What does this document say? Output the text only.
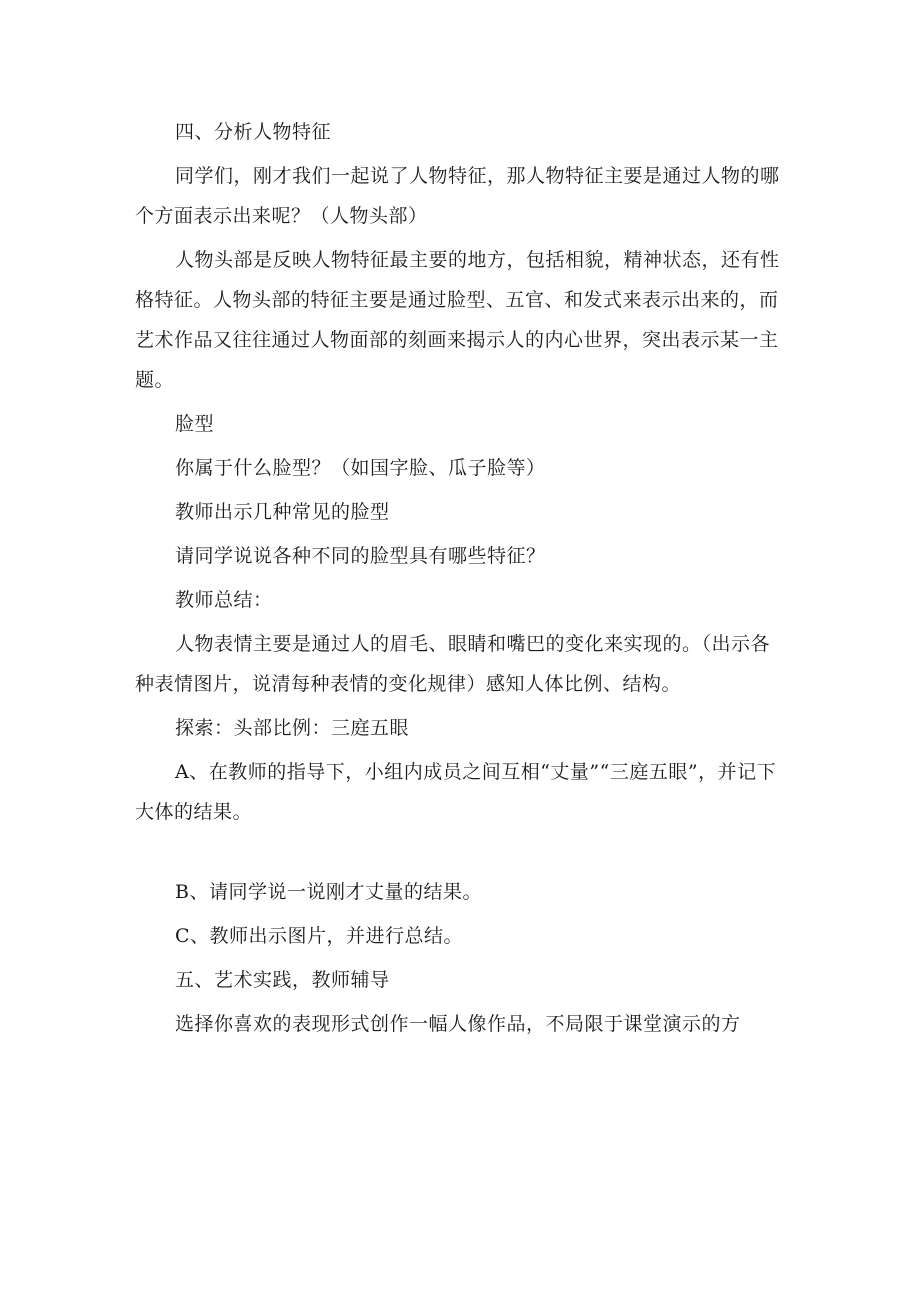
四、分析人物特征

同学们，刚才我们一起说了人物特征，那人物特征主要是通过人物的哪个方面表示出来呢？（人物头部）

人物头部是反映人物特征最主要的地方，包括相貌，精神状态，还有性格特征。人物头部的特征主要是通过脸型、五官、和发式来表示出来的，而艺术作品又往往通过人物面部的刻画来揭示人的内心世界，突出表示某一主题。

脸型

你属于什么脸型？（如国字脸、瓜子脸等）

教师出示几种常见的脸型

请同学说说各种不同的脸型具有哪些特征？

教师总结：

人物表情主要是通过人的眉毛、眼睛和嘴巴的变化来实现的。（出示各种表情图片，说清每种表情的变化规律）感知人体比例、结构。

探索：头部比例：三庭五眼

A、在教师的指导下，小组内成员之间互相“丈量”“三庭五眼”，并记下大体的结果。

B、请同学说一说刚才丈量的结果。

C、教师出示图片，并进行总结。

五、艺术实践，教师辅导

选择你喜欢的表现形式创作一幅人像作品，不局限于课堂演示的方
